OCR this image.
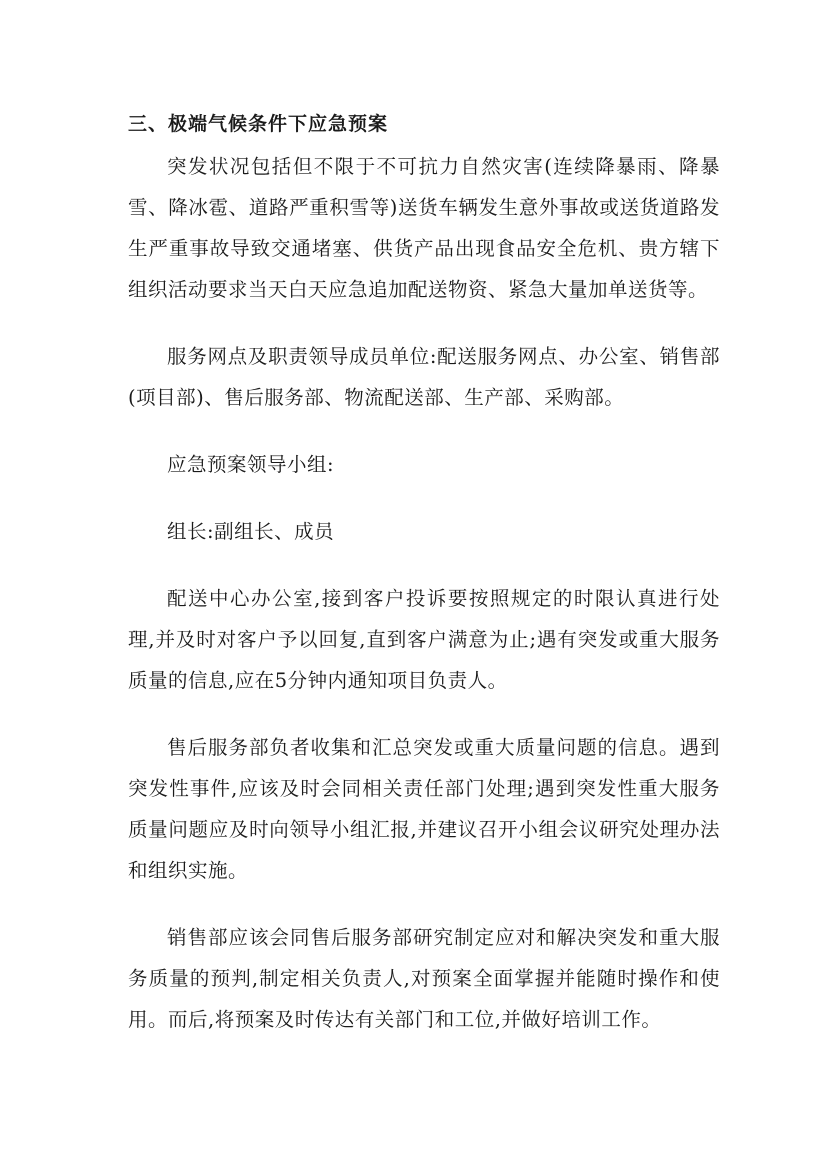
三、极端气候条件下应急预案

突发状况包括但不限于不可抗力自然灾害(连续降暴雨、降暴雪、降冰雹、道路严重积雪等)送货车辆发生意外事故或送货道路发生严重事故导致交通堵塞、供货产品出现食品安全危机、贵方辖下组织活动要求当天白天应急追加配送物资、紧急大量加单送货等。

服务网点及职责领导成员单位:配送服务网点、办公室、销售部(项目部)、售后服务部、物流配送部、生产部、采购部。

应急预案领导小组:

组长:副组长、成员

配送中心办公室,接到客户投诉要按照规定的时限认真进行处理,并及时对客户予以回复,直到客户满意为止;遇有突发或重大服务质量的信息,应在5分钟内通知项目负责人。

售后服务部负者收集和汇总突发或重大质量问题的信息。遇到突发性事件,应该及时会同相关责任部门处理;遇到突发性重大服务质量问题应及时向领导小组汇报,并建议召开小组会议研究处理办法和组织实施。

销售部应该会同售后服务部研究制定应对和解决突发和重大服务质量的预判,制定相关负责人,对预案全面掌握并能随时操作和使用。而后,将预案及时传达有关部门和工位,并做好培训工作。
